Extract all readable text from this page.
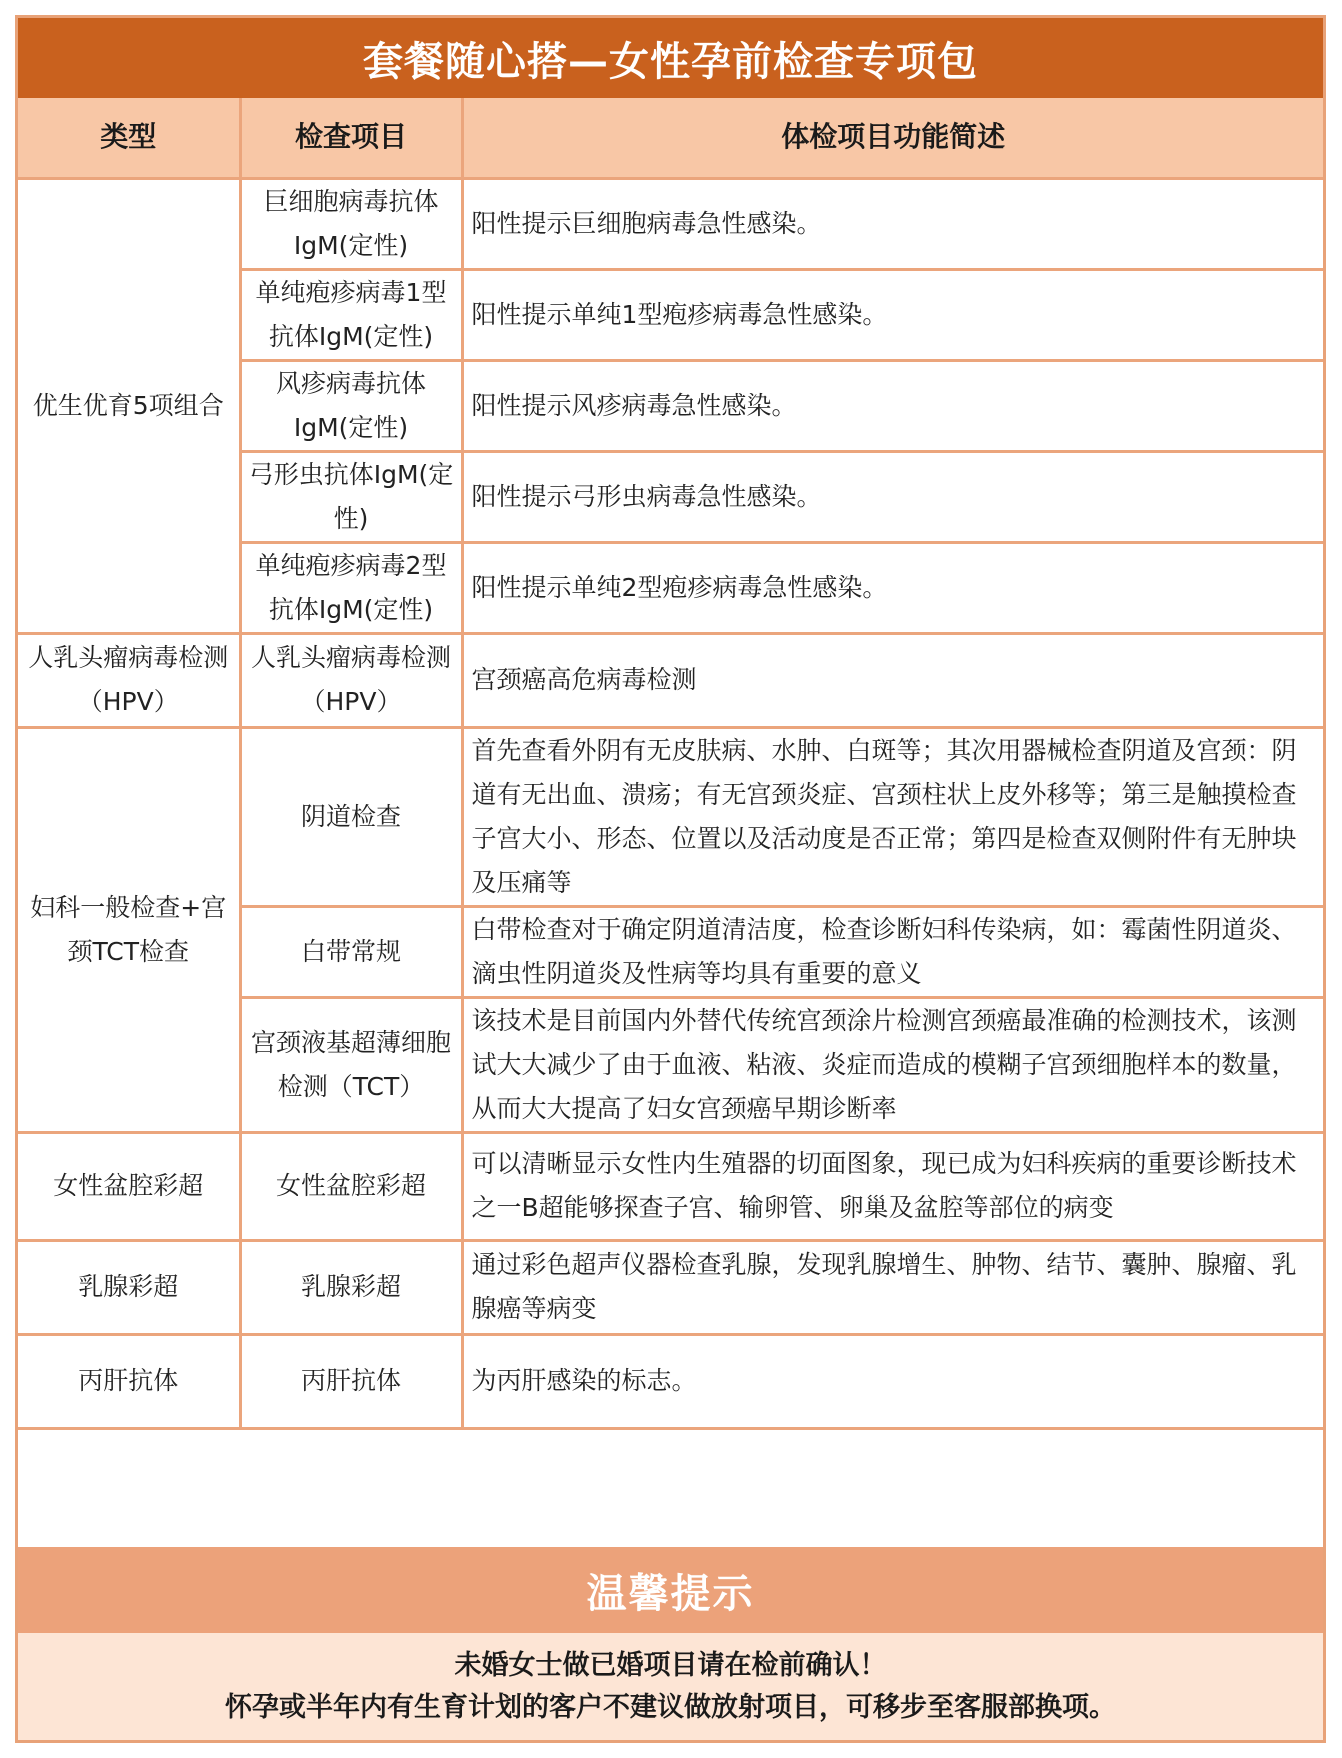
套餐随心搭—女性孕前检查专项包
类型	检查项目	体检项目功能简述
优生优育5项组合	巨细胞病毒抗体IgM(定性)	阳性提示巨细胞病毒急性感染。
	单纯疱疹病毒1型抗体IgM(定性)	阳性提示单纯1型疱疹病毒急性感染。
	风疹病毒抗体IgM(定性)	阳性提示风疹病毒急性感染。
	弓形虫抗体IgM(定性)	阳性提示弓形虫病毒急性感染。
	单纯疱疹病毒2型抗体IgM(定性)	阳性提示单纯2型疱疹病毒急性感染。
人乳头瘤病毒检测（HPV）	人乳头瘤病毒检测（HPV）	宫颈癌高危病毒检测
妇科一般检查+宫颈TCT检查	阴道检查	首先查看外阴有无皮肤病、水肿、白斑等；其次用器械检查阴道及宫颈：阴道有无出血、溃疡；有无宫颈炎症、宫颈柱状上皮外移等；第三是触摸检查子宫大小、形态、位置以及活动度是否正常；第四是检查双侧附件有无肿块及压痛等
	白带常规	白带检查对于确定阴道清洁度，检查诊断妇科传染病，如：霉菌性阴道炎、滴虫性阴道炎及性病等均具有重要的意义
	宫颈液基超薄细胞检测（TCT）	该技术是目前国内外替代传统宫颈涂片检测宫颈癌最准确的检测技术，该测试大大减少了由于血液、粘液、炎症而造成的模糊子宫颈细胞样本的数量，从而大大提高了妇女宫颈癌早期诊断率
女性盆腔彩超	女性盆腔彩超	可以清晰显示女性内生殖器的切面图象，现已成为妇科疾病的重要诊断技术之一B超能够探查子宫、输卵管、卵巢及盆腔等部位的病变
乳腺彩超	乳腺彩超	通过彩色超声仪器检查乳腺，发现乳腺增生、肿物、结节、囊肿、腺瘤、乳腺癌等病变
丙肝抗体	丙肝抗体	为丙肝感染的标志。
温馨提示
未婚女士做已婚项目请在检前确认！
怀孕或半年内有生育计划的客户不建议做放射项目，可移步至客服部换项。
